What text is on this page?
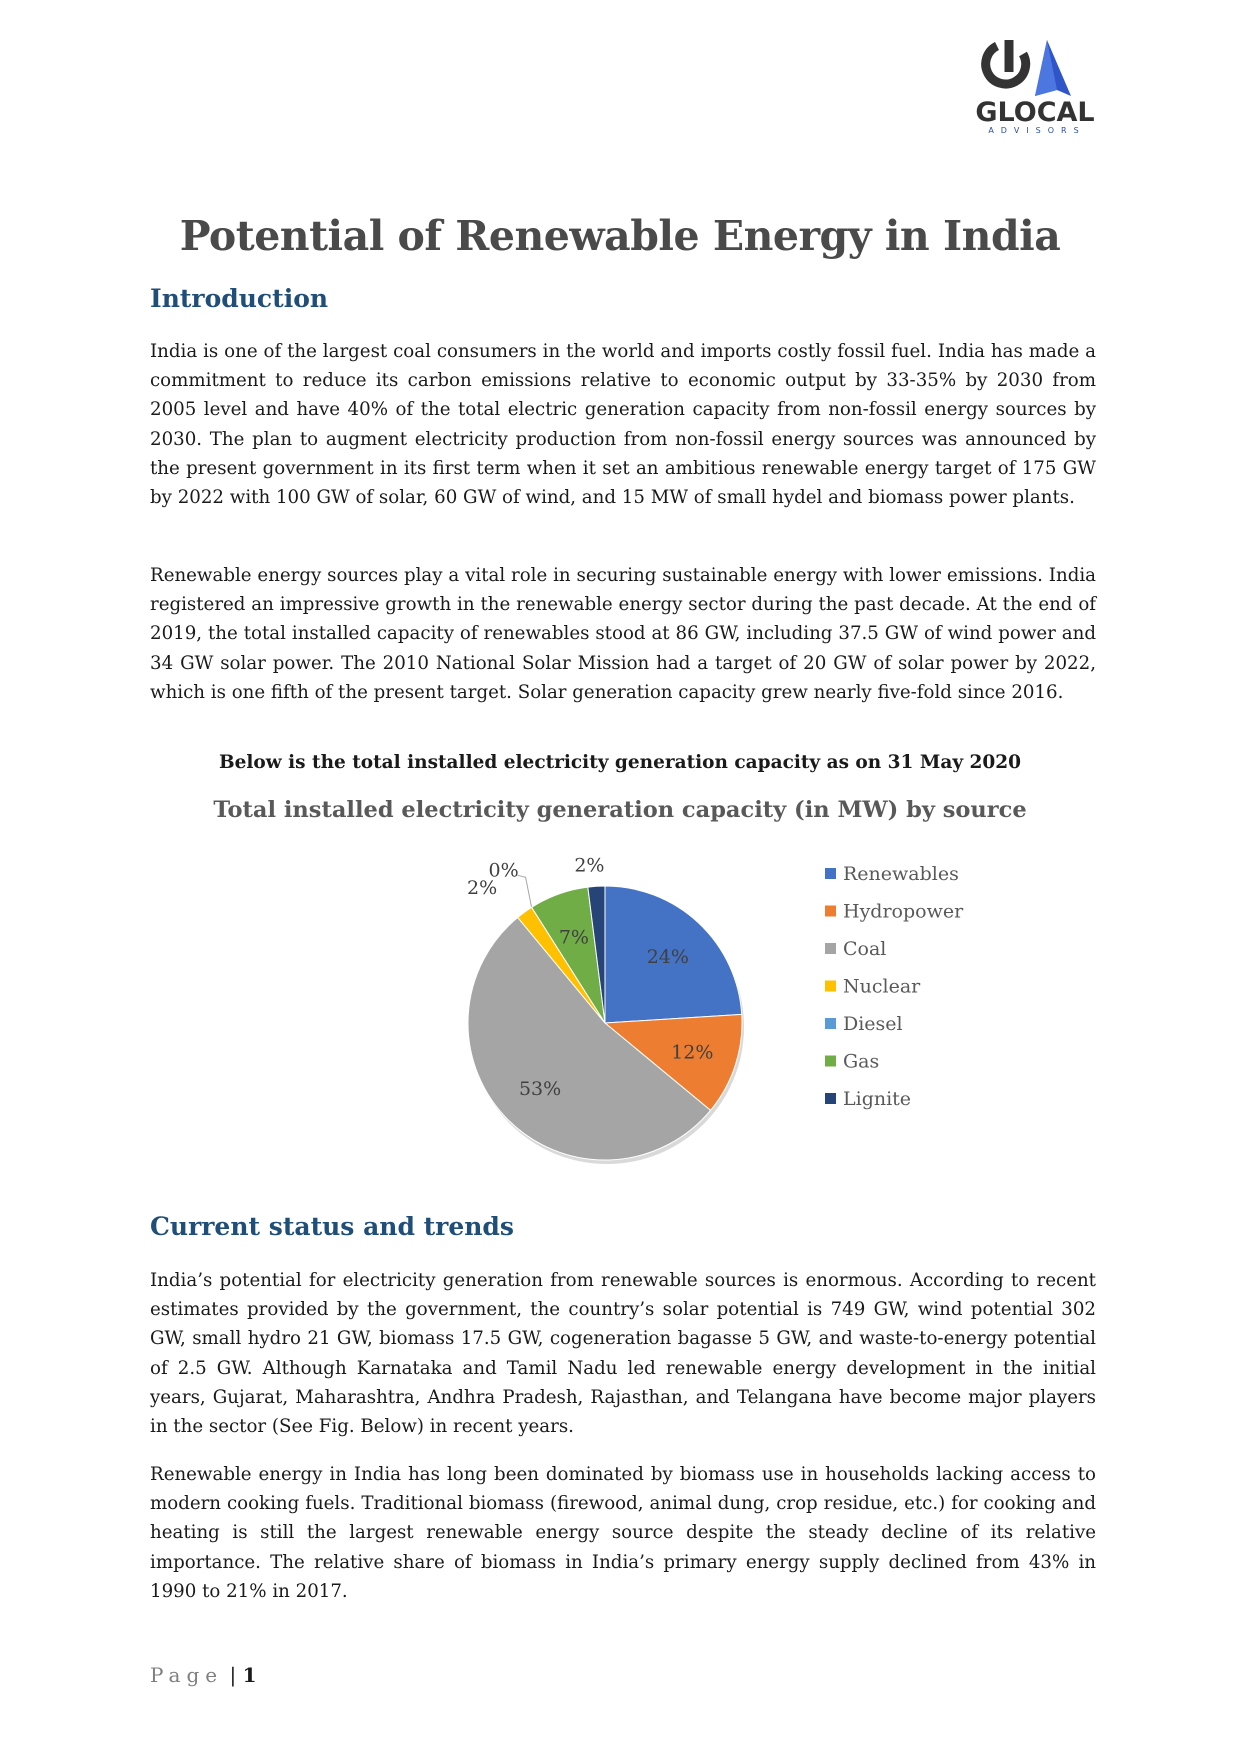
GLOCAL
ADVISORS
Potential of Renewable Energy in India
Introduction

India is one of the largest coal consumers in the world and imports costly fossil fuel. India has made a commitment to reduce its carbon emissions relative to economic output by 33-35% by 2030 from 2005 level and have 40% of the total electric generation capacity from non-fossil energy sources by 2030. The plan to augment electricity production from non-fossil energy sources was announced by the present government in its first term when it set an ambitious renewable energy target of 175 GW by 2022 with 100 GW of solar, 60 GW of wind, and 15 MW of small hydel and biomass power plants.

Renewable energy sources play a vital role in securing sustainable energy with lower emissions. India registered an impressive growth in the renewable energy sector during the past decade. At the end of 2019, the total installed capacity of renewables stood at 86 GW, including 37.5 GW of wind power and 34 GW solar power. The 2010 National Solar Mission had a target of 20 GW of solar power by 2022, which is one fifth of the present target. Solar generation capacity grew nearly five-fold since 2016.

Below is the total installed electricity generation capacity as on 31 May 2020

Total installed electricity generation capacity (in MW) by source

24%
12%
53%
2%
0%
7%
2%	Renewables
Hydropower
Coal
Nuclear
Diesel
Gas
Lignite
Current status and trends

India’s potential for electricity generation from renewable sources is enormous. According to recent estimates provided by the government, the country’s solar potential is 749 GW, wind potential 302 GW, small hydro 21 GW, biomass 17.5 GW, cogeneration bagasse 5 GW, and waste-to-energy potential of 2.5 GW. Although Karnataka and Tamil Nadu led renewable energy development in the initial years, Gujarat, Maharashtra, Andhra Pradesh, Rajasthan, and Telangana have become major players in the sector (See Fig. Below) in recent years.

Renewable energy in India has long been dominated by biomass use in households lacking access to modern cooking fuels. Traditional biomass (firewood, animal dung, crop residue, etc.) for cooking and heating is still the largest renewable energy source despite the steady decline of its relative importance. The relative share of biomass in India’s primary energy supply declined from 43% in 1990 to 21% in 2017.

Page | 1
